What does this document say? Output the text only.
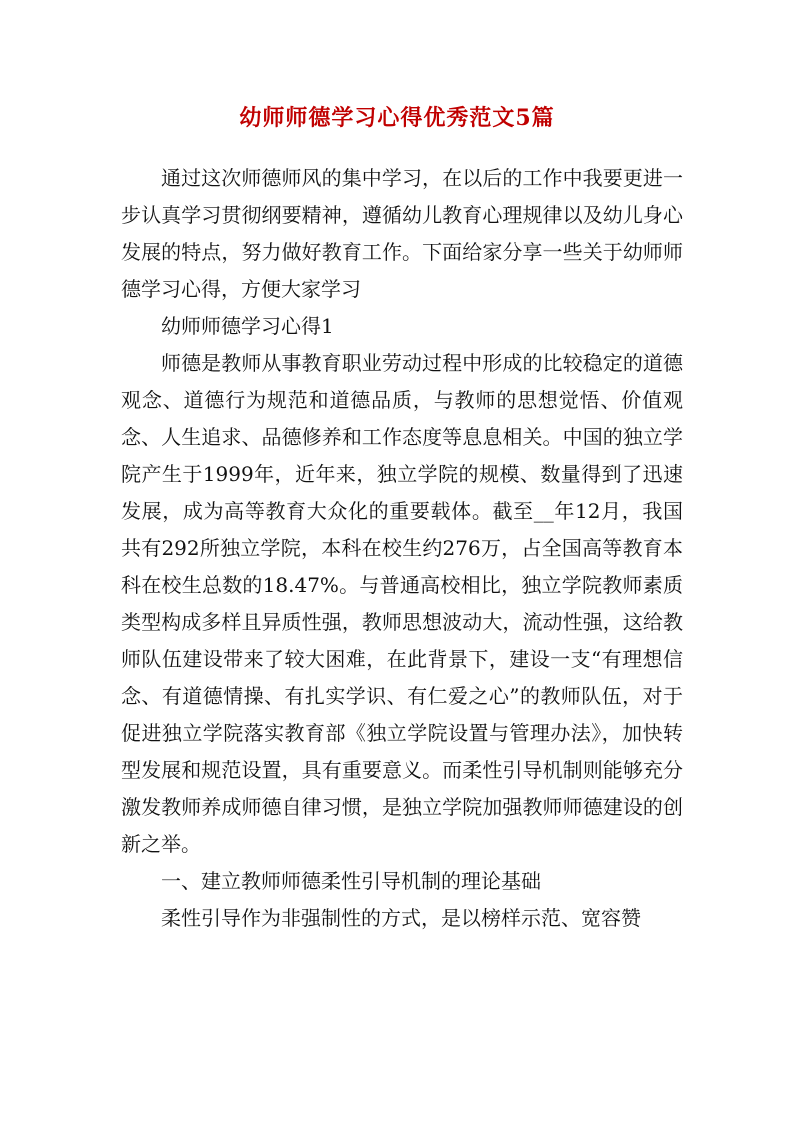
幼师师德学习心得优秀范文5篇

通过这次师德师风的集中学习，在以后的工作中我要更进一步认真学习贯彻纲要精神，遵循幼儿教育心理规律以及幼儿身心发展的特点，努力做好教育工作。下面给家分享一些关于幼师师德学习心得，方便大家学习

幼师师德学习心得1

师德是教师从事教育职业劳动过程中形成的比较稳定的道德观念、道德行为规范和道德品质，与教师的思想觉悟、价值观念、人生追求、品德修养和工作态度等息息相关。中国的独立学院产生于1999年，近年来，独立学院的规模、数量得到了迅速发展，成为高等教育大众化的重要载体。截至__年12月，我国共有292所独立学院，本科在校生约276万，占全国高等教育本科在校生总数的18.47%。与普通高校相比，独立学院教师素质类型构成多样且异质性强，教师思想波动大，流动性强，这给教师队伍建设带来了较大困难，在此背景下，建设一支“有理想信念、有道德情操、有扎实学识、有仁爱之心”的教师队伍，对于促进独立学院落实教育部《独立学院设置与管理办法》，加快转型发展和规范设置，具有重要意义。而柔性引导机制则能够充分激发教师养成师德自律习惯，是独立学院加强教师师德建设的创新之举。

一、建立教师师德柔性引导机制的理论基础

柔性引导作为非强制性的方式，是以榜样示范、宽容赞
